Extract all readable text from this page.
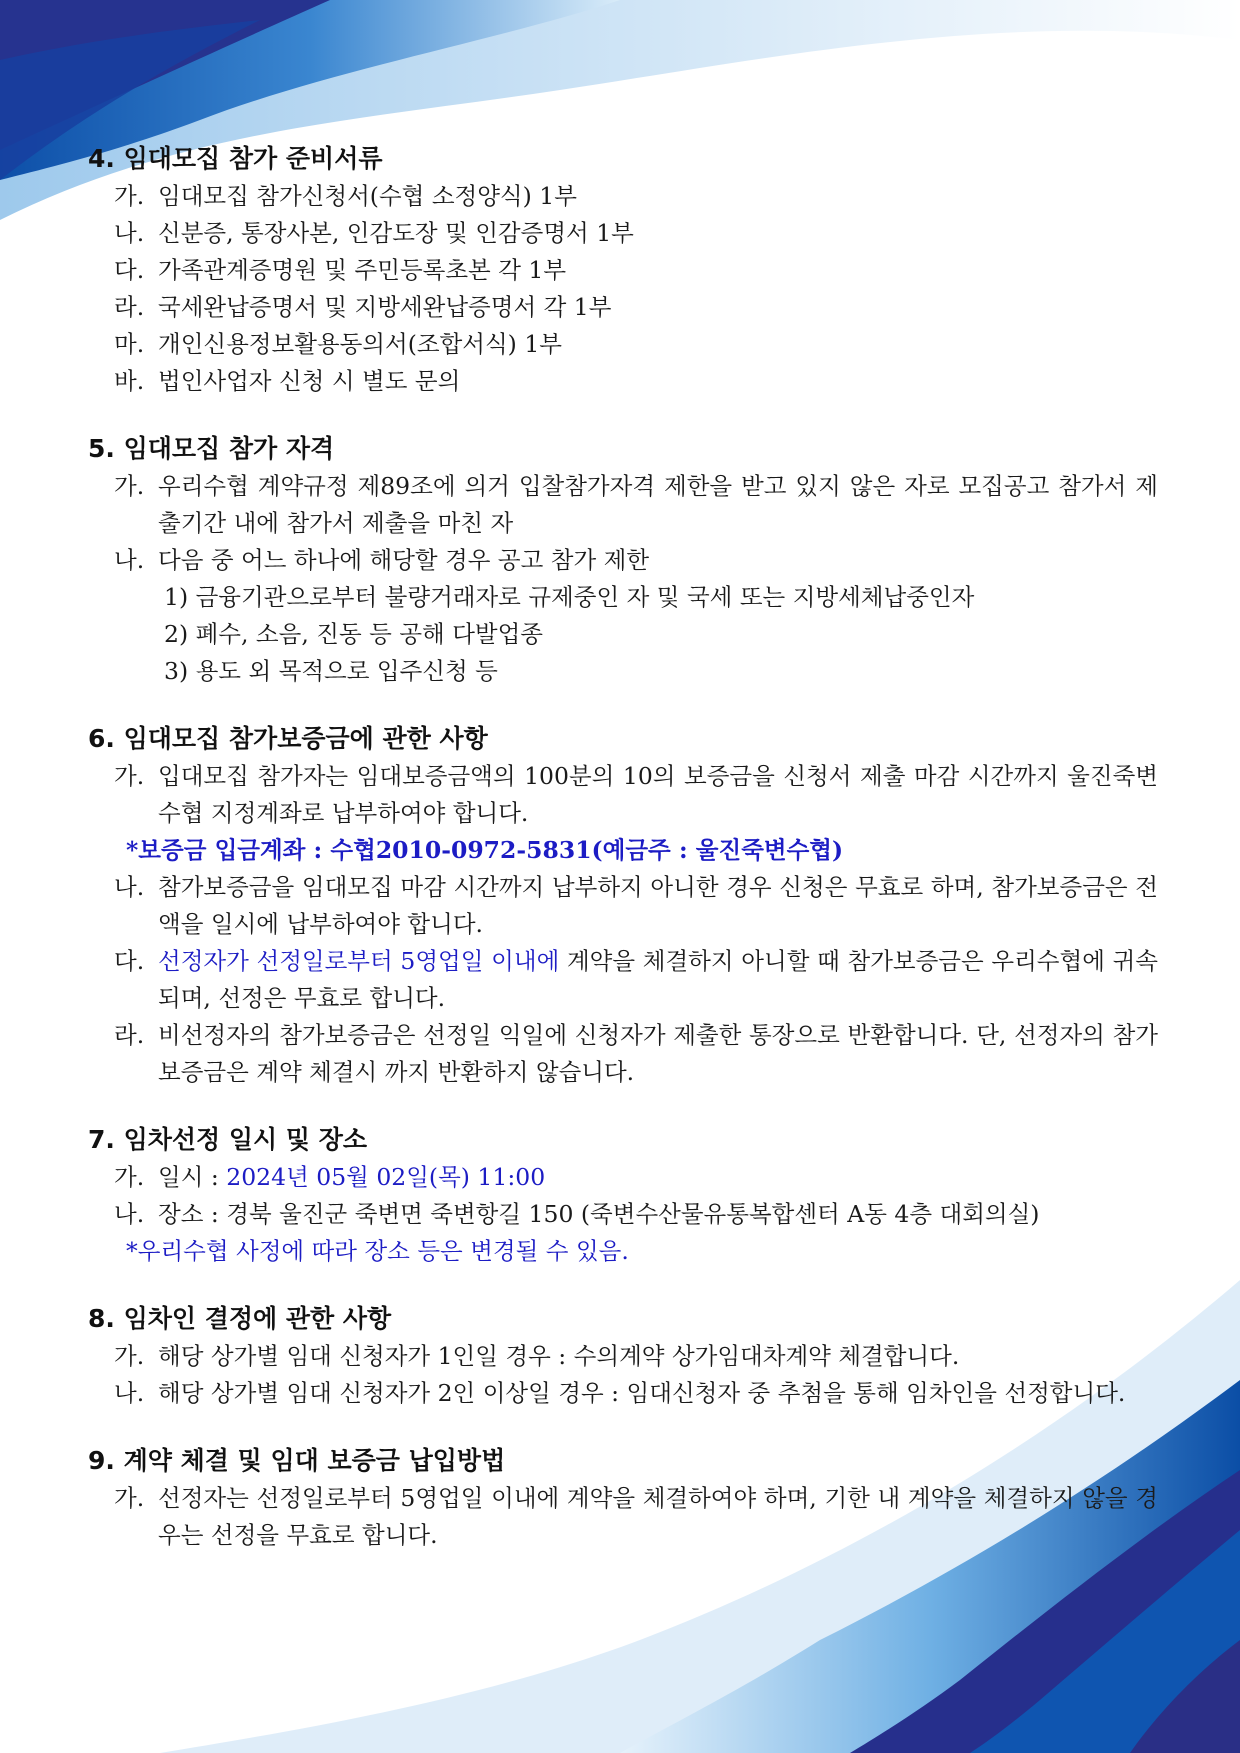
4. 임대모집 참가 준비서류

가. 임대모집 참가신청서(수협 소정양식) 1부

나. 신분증, 통장사본, 인감도장 및 인감증명서 1부

다. 가족관계증명원 및 주민등록초본 각 1부

라. 국세완납증명서 및 지방세완납증명서 각 1부

마. 개인신용정보활용동의서(조합서식) 1부

바. 법인사업자 신청 시 별도 문의

5. 임대모집 참가 자격

가. 우리수협 계약규정 제89조에 의거 입찰참가자격 제한을 받고 있지 않은 자로 모집공고 참가서 제출기간 내에 참가서 제출을 마친 자

나. 다음 중 어느 하나에 해당할 경우 공고 참가 제한

1) 금융기관으로부터 불량거래자로 규제중인 자 및 국세 또는 지방세체납중인자

2) 폐수, 소음, 진동 등 공해 다발업종

3) 용도 외 목적으로 입주신청 등

6. 임대모집 참가보증금에 관한 사항

가. 입대모집 참가자는 임대보증금액의 100분의 10의 보증금을 신청서 제출 마감 시간까지 울진죽변수협 지정계좌로 납부하여야 합니다.

*보증금 입금계좌 : 수협2010-0972-5831(예금주 : 울진죽변수협)

나. 참가보증금을 임대모집 마감 시간까지 납부하지 아니한 경우 신청은 무효로 하며, 참가보증금은 전액을 일시에 납부하여야 합니다.

다. 선정자가 선정일로부터 5영업일 이내에 계약을 체결하지 아니할 때 참가보증금은 우리수협에 귀속되며, 선정은 무효로 합니다.

라. 비선정자의 참가보증금은 선정일 익일에 신청자가 제출한 통장으로 반환합니다. 단, 선정자의 참가보증금은 계약 체결시 까지 반환하지 않습니다.

7. 임차선정 일시 및 장소

가. 일시 : 2024년 05월 02일(목) 11:00

나. 장소 : 경북 울진군 죽변면 죽변항길 150 (죽변수산물유통복합센터 A동 4층 대회의실)

*우리수협 사정에 따라 장소 등은 변경될 수 있음.

8. 임차인 결정에 관한 사항

가. 해당 상가별 임대 신청자가 1인일 경우 : 수의계약 상가임대차계약 체결합니다.

나. 해당 상가별 임대 신청자가 2인 이상일 경우 : 임대신청자 중 추첨을 통해 임차인을 선정합니다.

9. 계약 체결 및 임대 보증금 납입방법

가. 선정자는 선정일로부터 5영업일 이내에 계약을 체결하여야 하며, 기한 내 계약을 체결하지 않을 경우는 선정을 무효로 합니다.
